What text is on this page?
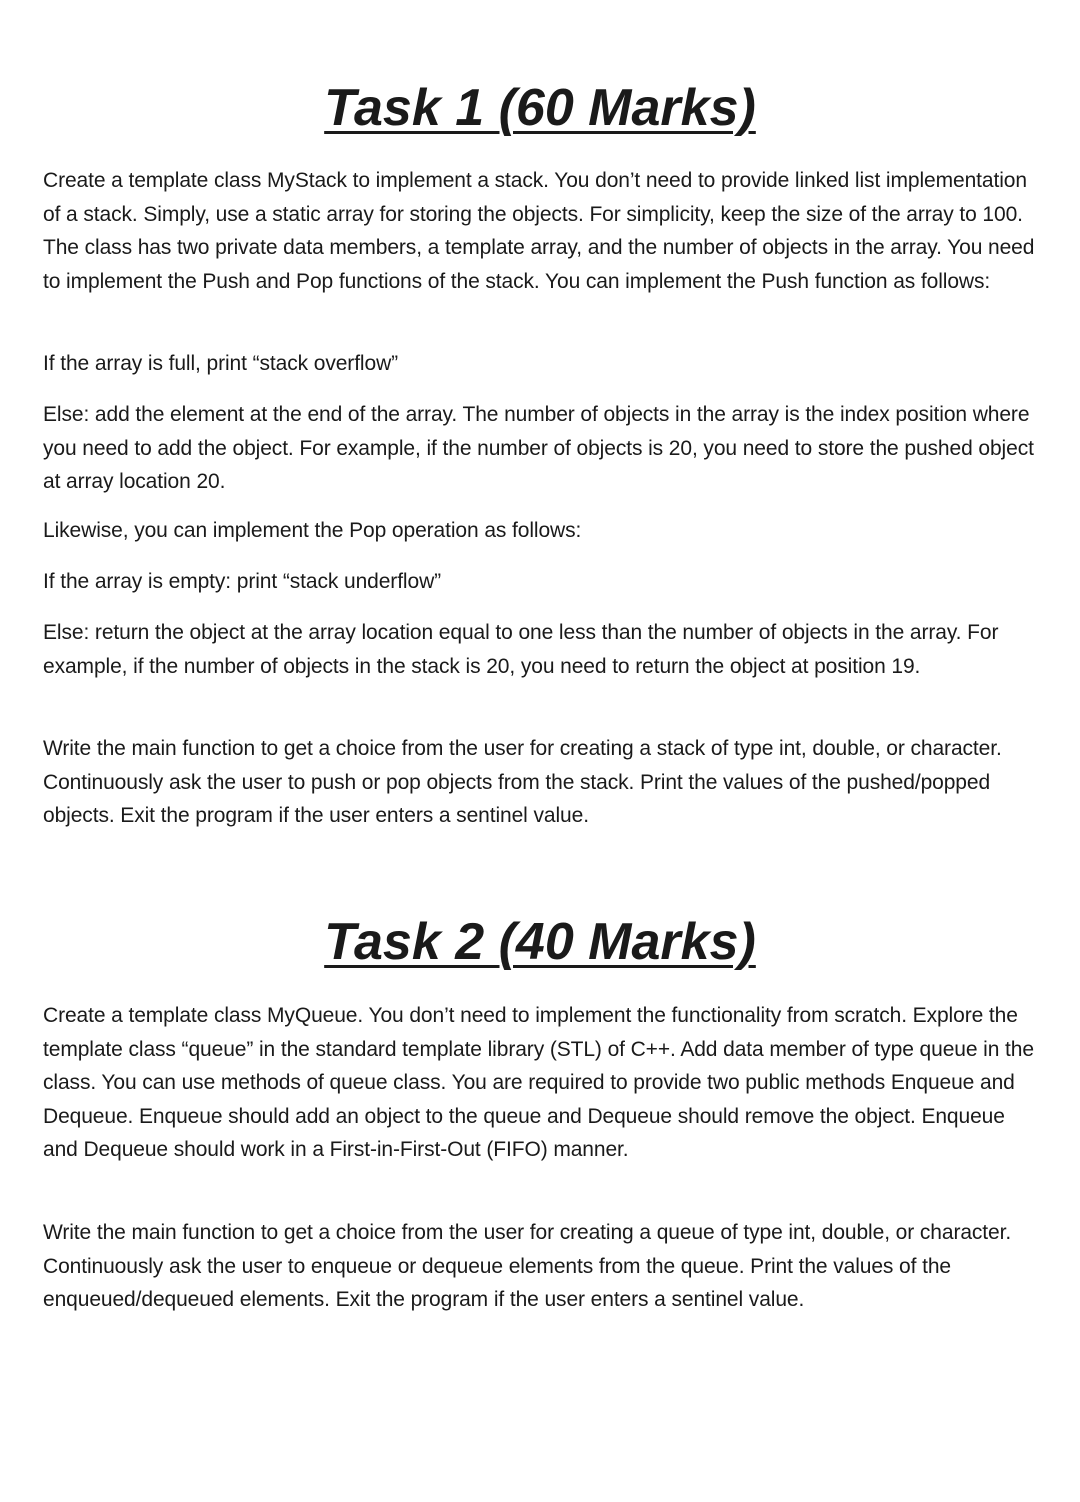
Task 1 (60 Marks)

Create a template class MyStack to implement a stack. You don’t need to provide linked list implementation of a stack. Simply, use a static array for storing the objects. For simplicity, keep the size of the array to 100. The class has two private data members, a template array, and the number of objects in the array. You need to implement the Push and Pop functions of the stack. You can implement the Push function as follows:

If the array is full, print “stack overflow”

Else: add the element at the end of the array. The number of objects in the array is the index position where you need to add the object. For example, if the number of objects is 20, you need to store the pushed object at array location 20.

Likewise, you can implement the Pop operation as follows:

If the array is empty: print “stack underflow”

Else: return the object at the array location equal to one less than the number of objects in the array. For example, if the number of objects in the stack is 20, you need to return the object at position 19.

Write the main function to get a choice from the user for creating a stack of type int, double, or character. Continuously ask the user to push or pop objects from the stack. Print the values of the pushed/popped objects. Exit the program if the user enters a sentinel value.

Task 2 (40 Marks)

Create a template class MyQueue. You don’t need to implement the functionality from scratch. Explore the template class “queue” in the standard template library (STL) of C++. Add data member of type queue in the class. You can use methods of queue class. You are required to provide two public methods Enqueue and Dequeue. Enqueue should add an object to the queue and Dequeue should remove the object. Enqueue and Dequeue should work in a First-in-First-Out (FIFO) manner.

Write the main function to get a choice from the user for creating a queue of type int, double, or character. Continuously ask the user to enqueue or dequeue elements from the queue. Print the values of the enqueued/dequeued elements. Exit the program if the user enters a sentinel value.
